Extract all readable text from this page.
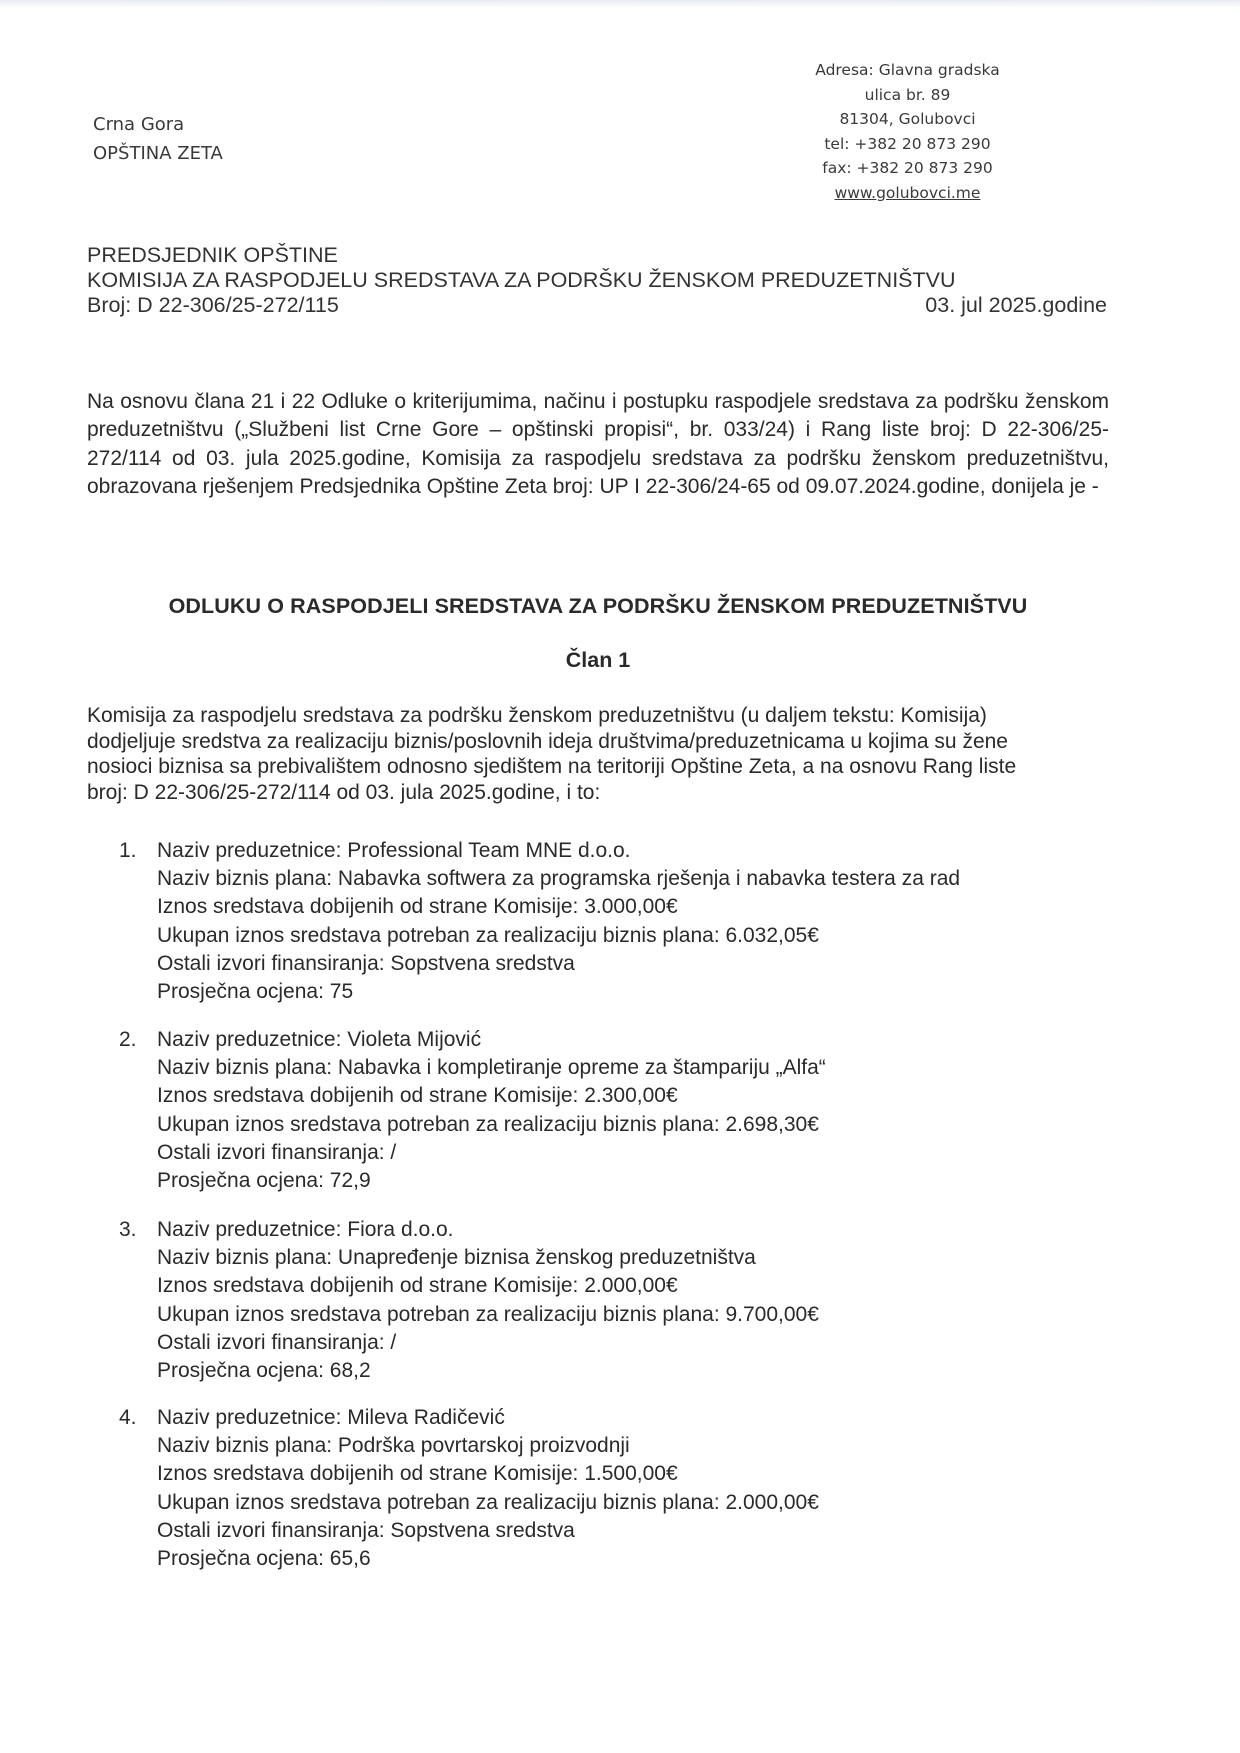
Crna Gora
OPŠTINA ZETA
Adresa: Glavna gradska
ulica br. 89
81304, Golubovci
tel: +382 20 873 290
fax: +382 20 873 290
www.golubovci.me
PREDSJEDNIK OPŠTINE
KOMISIJA ZA RASPODJELU SREDSTAVA ZA PODRŠKU ŽENSKOM PREDUZETNIŠTVU
Broj: D 22-306/25-272/115	03. jul 2025.godine
Na osnovu člana 21 i 22 Odluke o kriterijumima, načinu i postupku raspodjele sredstava za podršku ženskom preduzetništvu („Službeni list Crne Gore – opštinski propisi“, br. 033/24) i Rang liste broj: D 22-306/25-272/114 od 03. jula 2025.godine, Komisija za raspodjelu sredstava za podršku ženskom preduzetništvu, obrazovana rješenjem Predsjednika Opštine Zeta broj: UP I 22-306/24-65 od 09.07.2024.godine, donijela je -
ODLUKU O RASPODJELI SREDSTAVA ZA PODRŠKU ŽENSKOM PREDUZETNIŠTVU
Član 1
Komisija za raspodjelu sredstava za podršku ženskom preduzetništvu (u daljem tekstu: Komisija)
dodjeljuje sredstva za realizaciju biznis/poslovnih ideja društvima/preduzetnicama u kojima su žene
nosioci biznisa sa prebivalištem odnosno sjedištem na teritoriji Opštine Zeta, a na osnovu Rang liste
broj: D 22-306/25-272/114 od 03. jula 2025.godine, i to:
1. Naziv preduzetnice: Professional Team MNE d.o.o.
Naziv biznis plana: Nabavka softwera za programska rješenja i nabavka testera za rad
Iznos sredstava dobijenih od strane Komisije: 3.000,00€
Ukupan iznos sredstava potreban za realizaciju biznis plana: 6.032,05€
Ostali izvori finansiranja: Sopstvena sredstva
Prosječna ocjena: 75
2. Naziv preduzetnice: Violeta Mijović
Naziv biznis plana: Nabavka i kompletiranje opreme za štampariju „Alfa“
Iznos sredstava dobijenih od strane Komisije: 2.300,00€
Ukupan iznos sredstava potreban za realizaciju biznis plana: 2.698,30€
Ostali izvori finansiranja: /
Prosječna ocjena: 72,9
3. Naziv preduzetnice: Fiora d.o.o.
Naziv biznis plana: Unapređenje biznisa ženskog preduzetništva
Iznos sredstava dobijenih od strane Komisije: 2.000,00€
Ukupan iznos sredstava potreban za realizaciju biznis plana: 9.700,00€
Ostali izvori finansiranja: /
Prosječna ocjena: 68,2
4. Naziv preduzetnice: Mileva Radičević
Naziv biznis plana: Podrška povrtarskoj proizvodnji
Iznos sredstava dobijenih od strane Komisije: 1.500,00€
Ukupan iznos sredstava potreban za realizaciju biznis plana: 2.000,00€
Ostali izvori finansiranja: Sopstvena sredstva
Prosječna ocjena: 65,6
